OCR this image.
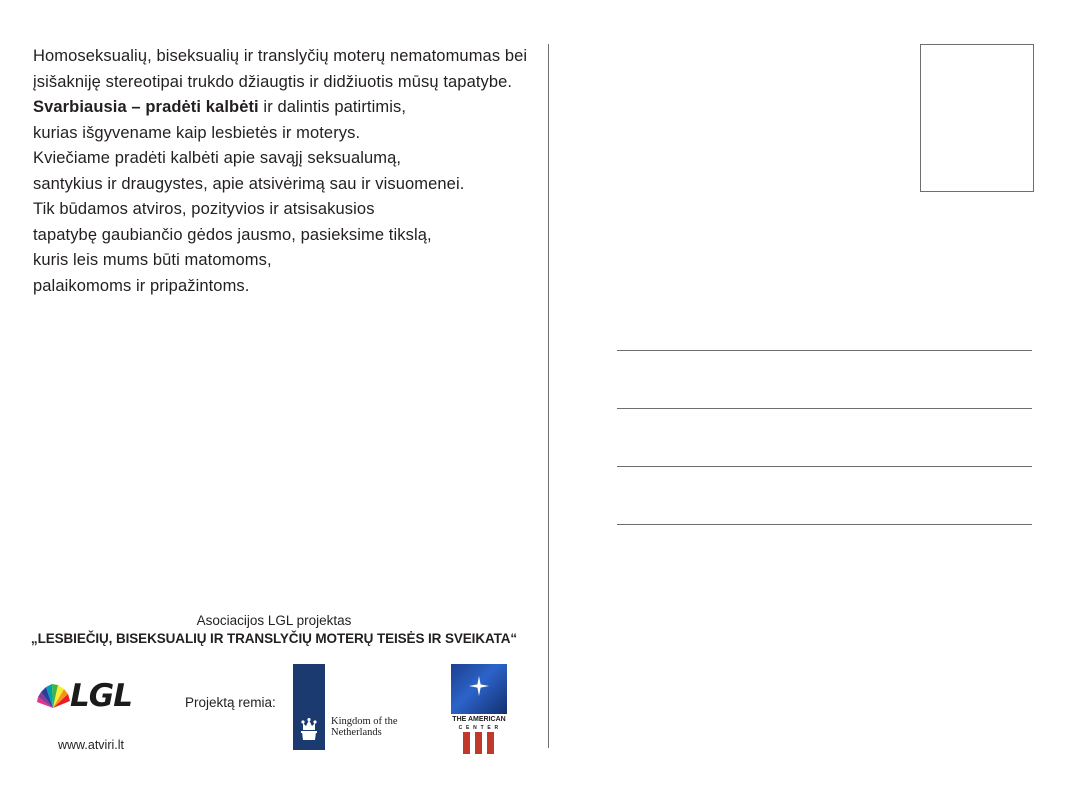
Homoseksualių, biseksualių ir translyčių moterų nematomumas bei
įsišakniję stereotipai trukdo džiaugtis ir didžiuotis mūsų tapatybe.
Svarbiausia – pradėti kalbėti ir dalintis patirtimis,
kurias išgyvename kaip lesbietės ir moterys.
Kviečiame pradėti kalbėti apie savąjį seksualumą,
santykius ir draugystes, apie atsivėrimą sau ir visuomenei.
Tik būdamos atviros, pozityvios ir atsisakusios
tapatybę gaubiančio gėdos jausmo, pasieksime tikslą,
kuris leis mums būti matomoms,
palaikomoms ir pripažintoms.
Asociacijos LGL projektas
„LESBIEČIŲ, BISEKSUALIŲ IR TRANSLYČIŲ MOTERŲ TEISĖS IR SVEIKATA“
LGL
www.atviri.lt
Projektą remia:
Kingdom of the Netherlands
THE AMERICAN
C E N T E R
